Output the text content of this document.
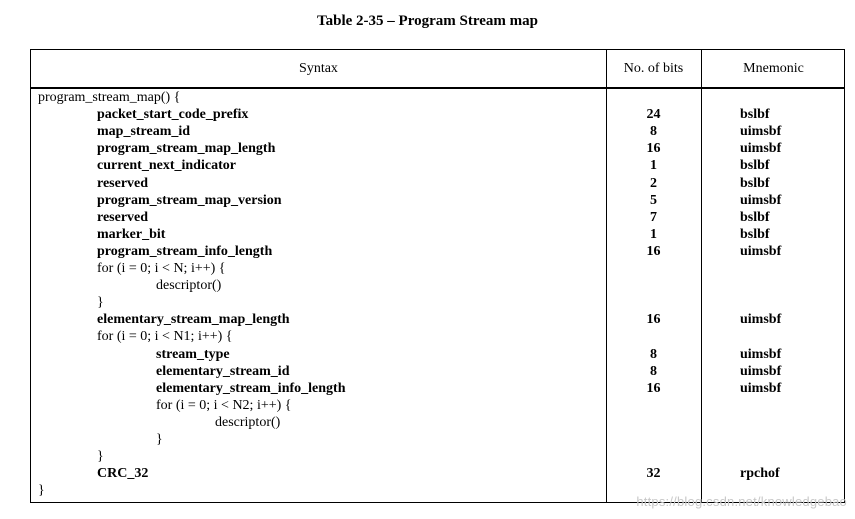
Table 2-35 – Program Stream map
Syntax	No. of bits	Mnemonic
program_stream_map() {
packet_start_code_prefix	24	bslbf
map_stream_id	8	uimsbf
program_stream_map_length	16	uimsbf
current_next_indicator	1	bslbf
reserved	2	bslbf
program_stream_map_version	5	uimsbf
reserved	7	bslbf
marker_bit	1	bslbf
program_stream_info_length	16	uimsbf
for (i = 0; i < N; i++) {
descriptor()
}
elementary_stream_map_length	16	uimsbf
for (i = 0; i < N1; i++) {
stream_type	8	uimsbf
elementary_stream_id	8	uimsbf
elementary_stream_info_length	16	uimsbf
for (i = 0; i < N2; i++) {
descriptor()
}
}
CRC_32	32	rpchof
}
https://blog.csdn.net/knowledgebao
